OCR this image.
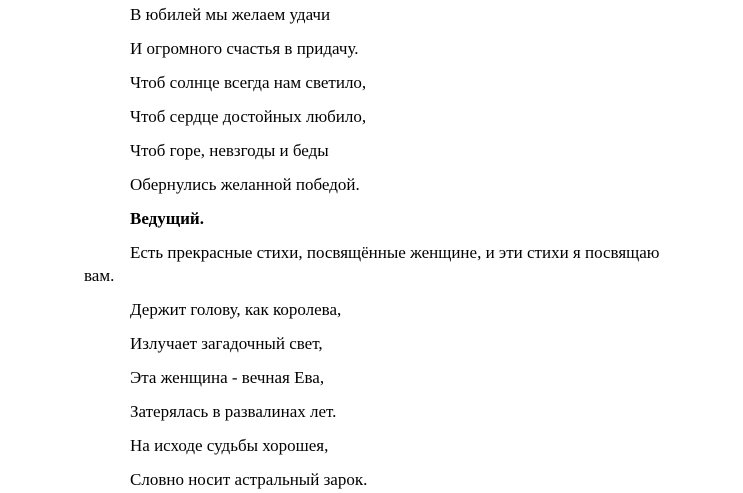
В юбилей мы желаем удачи
И огромного счастья в придачу.
Чтоб солнце всегда нам светило,
Чтоб сердце достойных любило,
Чтоб горе, невзгоды и беды
Обернулись желанной победой.
Ведущий.
Есть прекрасные стихи, посвящённые женщине, и эти стихи я посвящаю
вам.
Держит голову, как королева,
Излучает загадочный свет,
Эта женщина - вечная Ева,
Затерялась в развалинах лет.
На исходе судьбы хорошея,
Словно носит астральный зарок.
